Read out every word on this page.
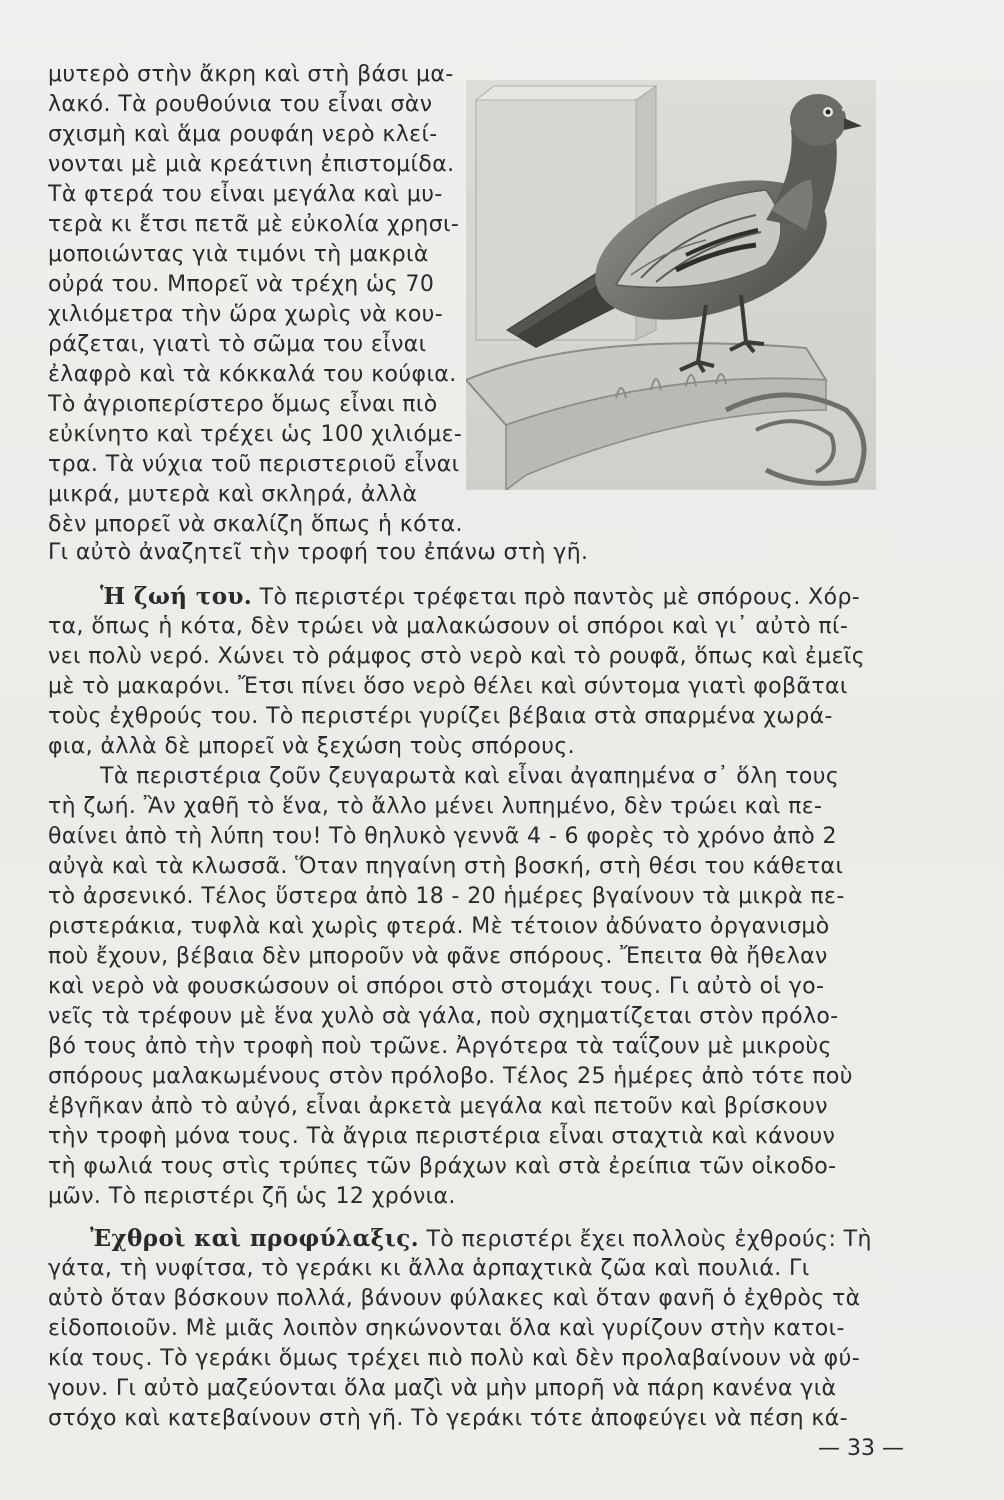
μυτερὸ στὴν ἄκρη καὶ στὴ βάσι μα-
λακό. Τὰ ρουθούνια του εἶναι σὰν
σχισμὴ καὶ ἅμα ρουφάη νερὸ κλεί-
νονται μὲ μιὰ κρεάτινη ἐπιστομίδα.
Τὰ φτερά του εἶναι μεγάλα καὶ μυ-
τερὰ κι ἔτσι πετᾶ μὲ εὐκολία χρησι-
μοποιώντας γιὰ τιμόνι τὴ μακριὰ
οὐρά του. Μπορεῖ νὰ τρέχη ὡς 70
χιλιόμετρα τὴν ὥρα χωρὶς νὰ κου-
ράζεται, γιατὶ τὸ σῶμα του εἶναι
ἐλαφρὸ καὶ τὰ κόκκαλά του κούφια.
Τὸ ἀγριοπερίστερο ὅμως εἶναι πιὸ
εὐκίνητο καὶ τρέχει ὡς 100 χιλιόμε-
τρα. Τὰ νύχια τοῦ περιστεριοῦ εἶναι
μικρά, μυτερὰ καὶ σκληρά, ἀλλὰ
δὲν μπορεῖ νὰ σκαλίζη ὅπως ἡ κότα.
Γι αὐτὸ ἀναζητεῖ τὴν τροφή του ἐπάνω στὴ γῆ.
Ἡ ζωή του. Τὸ περιστέρι τρέφεται πρὸ παντὸς μὲ σπόρους. Χόρ-
τα, ὅπως ἡ κότα, δὲν τρώει νὰ μαλακώσουν οἱ σπόροι καὶ γι᾽ αὐτὸ πί-
νει πολὺ νερό. Χώνει τὸ ράμφος στὸ νερὸ καὶ τὸ ρουφᾶ, ὅπως καὶ ἐμεῖς
μὲ τὸ μακαρόνι. Ἔτσι πίνει ὅσο νερὸ θέλει καὶ σύντομα γιατὶ φοβᾶται
τοὺς ἐχθρούς του. Τὸ περιστέρι γυρίζει βέβαια στὰ σπαρμένα χωρά-
φια, ἀλλὰ δὲ μπορεῖ νὰ ξεχώση τοὺς σπόρους.
Τὰ περιστέρια ζοῦν ζευγαρωτὰ καὶ εἶναι ἀγαπημένα σ᾽ ὅλη τους
τὴ ζωή. Ἂν χαθῆ τὸ ἕνα, τὸ ἄλλο μένει λυπημένο, δὲν τρώει καὶ πε-
θαίνει ἀπὸ τὴ λύπη του! Τὸ θηλυκὸ γεννᾶ 4 - 6 φορὲς τὸ χρόνο ἀπὸ 2
αὐγὰ καὶ τὰ κλωσσᾶ. Ὅταν πηγαίνη στὴ βοσκή, στὴ θέσι του κάθεται
τὸ ἀρσενικό. Τέλος ὕστερα ἀπὸ 18 - 20 ἡμέρες βγαίνουν τὰ μικρὰ πε-
ριστεράκια, τυφλὰ καὶ χωρὶς φτερά. Μὲ τέτοιον ἀδύνατο ὀργανισμὸ
ποὺ ἔχουν, βέβαια δὲν μποροῦν νὰ φᾶνε σπόρους. Ἔπειτα θὰ ἤθελαν
καὶ νερὸ νὰ φουσκώσουν οἱ σπόροι στὸ στομάχι τους. Γι αὐτὸ οἱ γο-
νεῖς τὰ τρέφουν μὲ ἕνα χυλὸ σὰ γάλα, ποὺ σχηματίζεται στὸν πρόλο-
βό τους ἀπὸ τὴν τροφὴ ποὺ τρῶνε. Ἀργότερα τὰ ταΐζουν μὲ μικροὺς
σπόρους μαλακωμένους στὸν πρόλοβο. Τέλος 25 ἡμέρες ἀπὸ τότε ποὺ
ἐβγῆκαν ἀπὸ τὸ αὐγό, εἶναι ἀρκετὰ μεγάλα καὶ πετοῦν καὶ βρίσκουν
τὴν τροφὴ μόνα τους. Τὰ ἄγρια περιστέρια εἶναι σταχτιὰ καὶ κάνουν
τὴ φωλιά τους στὶς τρύπες τῶν βράχων καὶ στὰ ἐρείπια τῶν οἰκοδο-
μῶν. Τὸ περιστέρι ζῆ ὡς 12 χρόνια.
Ἐχθροὶ καὶ προφύλαξις. Τὸ περιστέρι ἔχει πολλοὺς ἐχθρούς: Τὴ
γάτα, τὴ νυφίτσα, τὸ γεράκι κι ἄλλα ἁρπαχτικὰ ζῶα καὶ πουλιά. Γι
αὐτὸ ὅταν βόσκουν πολλά, βάνουν φύλακες καὶ ὅταν φανῆ ὁ ἐχθρὸς τὰ
εἰδοποιοῦν. Μὲ μιᾶς λοιπὸν σηκώνονται ὅλα καὶ γυρίζουν στὴν κατοι-
κία τους. Τὸ γεράκι ὅμως τρέχει πιὸ πολὺ καὶ δὲν προλαβαίνουν νὰ φύ-
γουν. Γι αὐτὸ μαζεύονται ὅλα μαζὶ νὰ μὴν μπορῆ νὰ πάρη κανένα γιὰ
στόχο καὶ κατεβαίνουν στὴ γῆ. Τὸ γεράκι τότε ἀποφεύγει νὰ πέση κά-
— 33 —
